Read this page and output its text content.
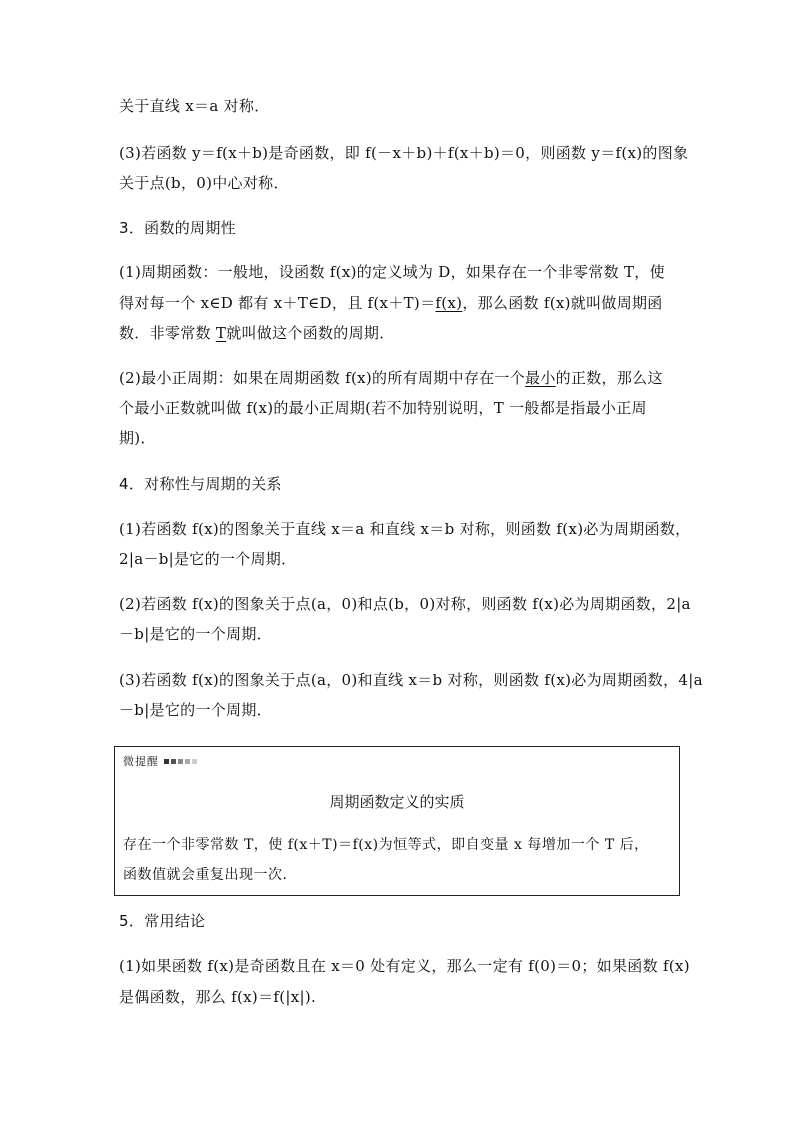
关于直线 x＝a 对称．
(3)若函数 y＝f(x＋b)是奇函数，即 f(－x＋b)＋f(x＋b)＝0，则函数 y＝f(x)的图象
关于点(b，0)中心对称．
3．函数的周期性
(1)周期函数：一般地，设函数 f(x)的定义域为 D，如果存在一个非零常数 T，使
得对每一个 x∈D 都有 x＋T∈D，且 f(x＋T)＝f(x)，那么函数 f(x)就叫做周期函
数．非零常数 T就叫做这个函数的周期．
(2)最小正周期：如果在周期函数 f(x)的所有周期中存在一个最小的正数，那么这
个最小正数就叫做 f(x)的最小正周期(若不加特别说明，T 一般都是指最小正周
期)．
4．对称性与周期的关系
(1)若函数 f(x)的图象关于直线 x＝a 和直线 x＝b 对称，则函数 f(x)必为周期函数，
2|a－b|是它的一个周期．
(2)若函数 f(x)的图象关于点(a，0)和点(b，0)对称，则函数 f(x)必为周期函数，2|a
－b|是它的一个周期．
(3)若函数 f(x)的图象关于点(a，0)和直线 x＝b 对称，则函数 f(x)必为周期函数，4|a
－b|是它的一个周期．
微提醒
周期函数定义的实质
存在一个非零常数 T，使 f(x＋T)＝f(x)为恒等式，即自变量 x 每增加一个 T 后，
函数值就会重复出现一次．
5．常用结论
(1)如果函数 f(x)是奇函数且在 x＝0 处有定义，那么一定有 f(0)＝0；如果函数 f(x)
是偶函数，那么 f(x)＝f(|x|).
